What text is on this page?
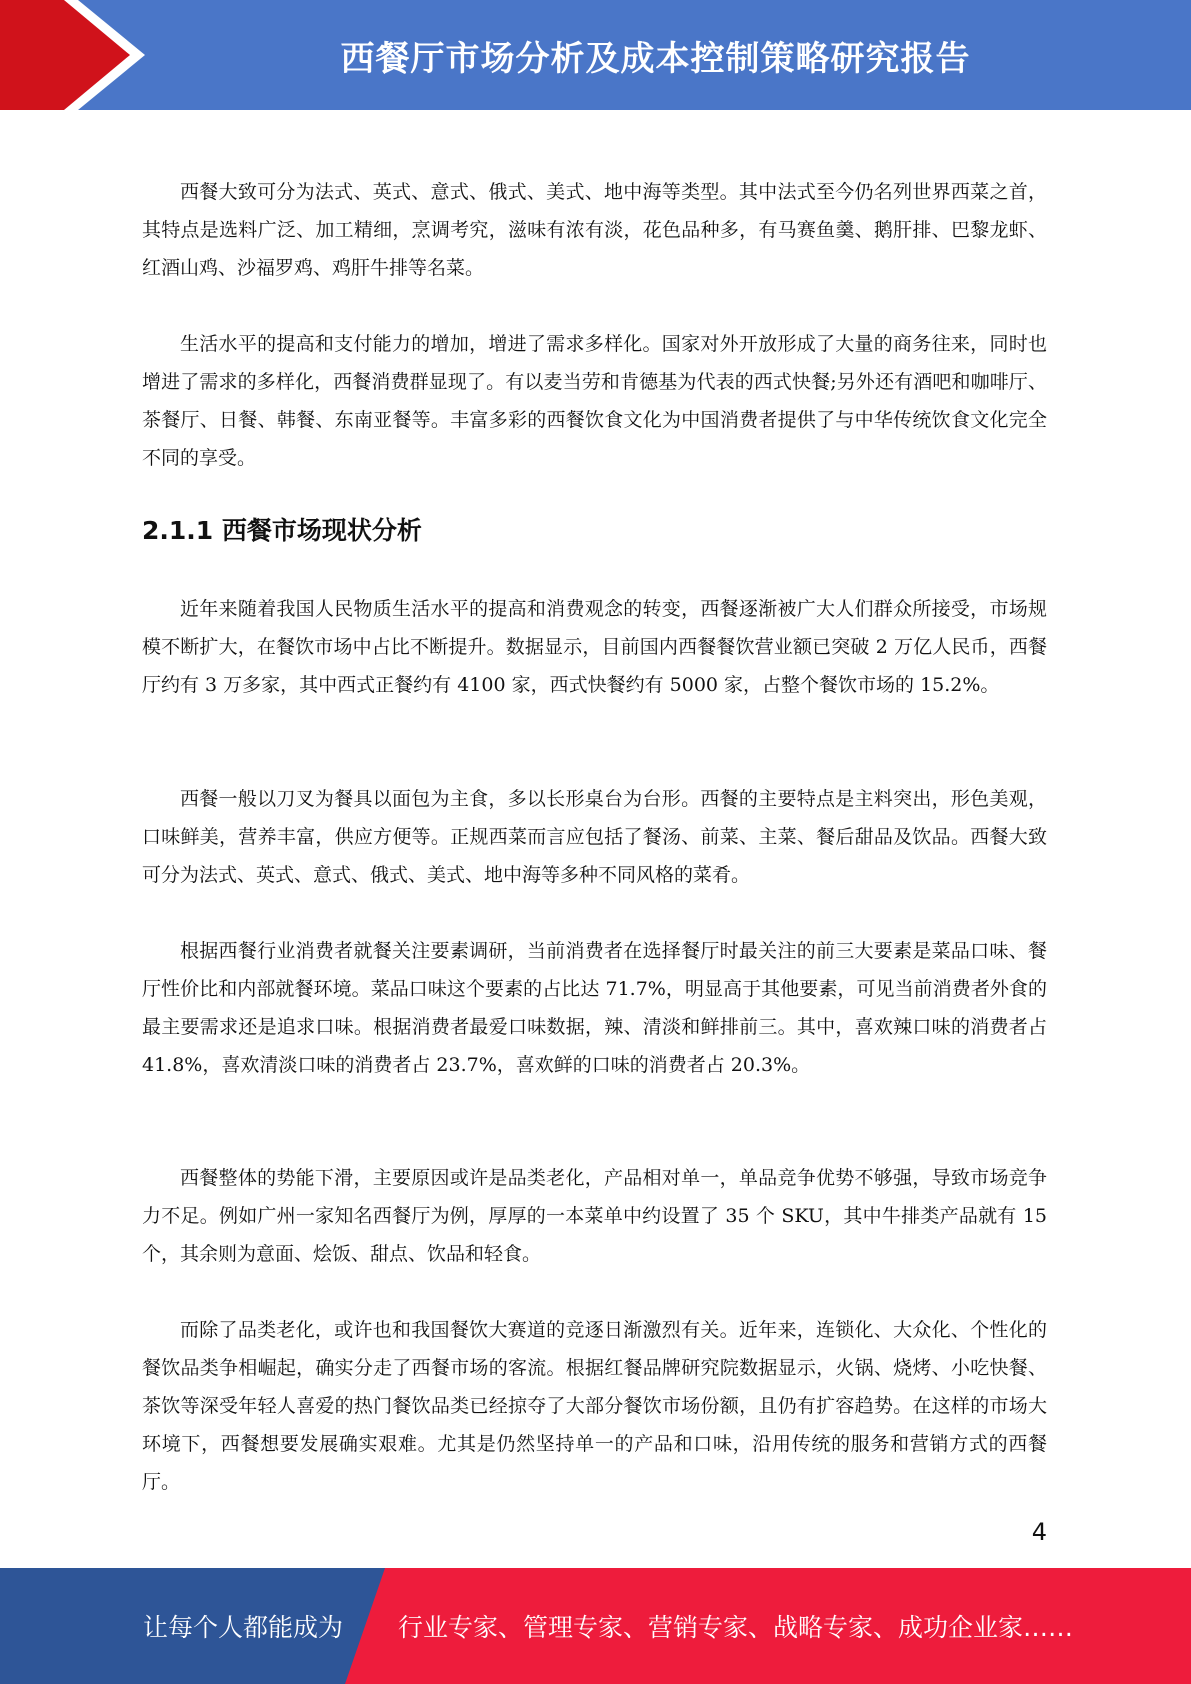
西餐厅市场分析及成本控制策略研究报告

西餐大致可分为法式、英式、意式、俄式、美式、地中海等类型。其中法式至今仍名列世界西菜之首，其特点是选料广泛、加工精细，烹调考究，滋味有浓有淡，花色品种多，有马赛鱼羹、鹅肝排、巴黎龙虾、红酒山鸡、沙福罗鸡、鸡肝牛排等名菜。

生活水平的提高和支付能力的增加，增进了需求多样化。国家对外开放形成了大量的商务往来，同时也增进了需求的多样化，西餐消费群显现了。有以麦当劳和肯德基为代表的西式快餐;另外还有酒吧和咖啡厅、茶餐厅、日餐、韩餐、东南亚餐等。丰富多彩的西餐饮食文化为中国消费者提供了与中华传统饮食文化完全不同的享受。

2.1.1 西餐市场现状分析

近年来随着我国人民物质生活水平的提高和消费观念的转变，西餐逐渐被广大人们群众所接受，市场规模不断扩大，在餐饮市场中占比不断提升。数据显示，目前国内西餐餐饮营业额已突破 2 万亿人民币，西餐厅约有 3 万多家，其中西式正餐约有 4100 家，西式快餐约有 5000 家，占整个餐饮市场的 15.2%。

西餐一般以刀叉为餐具以面包为主食，多以长形桌台为台形。西餐的主要特点是主料突出，形色美观，口味鲜美，营养丰富，供应方便等。正规西菜而言应包括了餐汤、前菜、主菜、餐后甜品及饮品。西餐大致可分为法式、英式、意式、俄式、美式、地中海等多种不同风格的菜肴。

根据西餐行业消费者就餐关注要素调研，当前消费者在选择餐厅时最关注的前三大要素是菜品口味、餐厅性价比和内部就餐环境。菜品口味这个要素的占比达 71.7%，明显高于其他要素，可见当前消费者外食的最主要需求还是追求口味。根据消费者最爱口味数据，辣、清淡和鲜排前三。其中，喜欢辣口味的消费者占 41.8%，喜欢清淡口味的消费者占 23.7%，喜欢鲜的口味的消费者占 20.3%。

西餐整体的势能下滑，主要原因或许是品类老化，产品相对单一，单品竞争优势不够强，导致市场竞争力不足。例如广州一家知名西餐厅为例，厚厚的一本菜单中约设置了 35 个 SKU，其中牛排类产品就有 15 个，其余则为意面、烩饭、甜点、饮品和轻食。

而除了品类老化，或许也和我国餐饮大赛道的竞逐日渐激烈有关。近年来，连锁化、大众化、个性化的餐饮品类争相崛起，确实分走了西餐市场的客流。根据红餐品牌研究院数据显示，火锅、烧烤、小吃快餐、茶饮等深受年轻人喜爱的热门餐饮品类已经掠夺了大部分餐饮市场份额，且仍有扩容趋势。在这样的市场大环境下，西餐想要发展确实艰难。尤其是仍然坚持单一的产品和口味，沿用传统的服务和营销方式的西餐厅。

4
让每个人都能成为 行业专家、管理专家、营销专家、战略专家、成功企业家……
